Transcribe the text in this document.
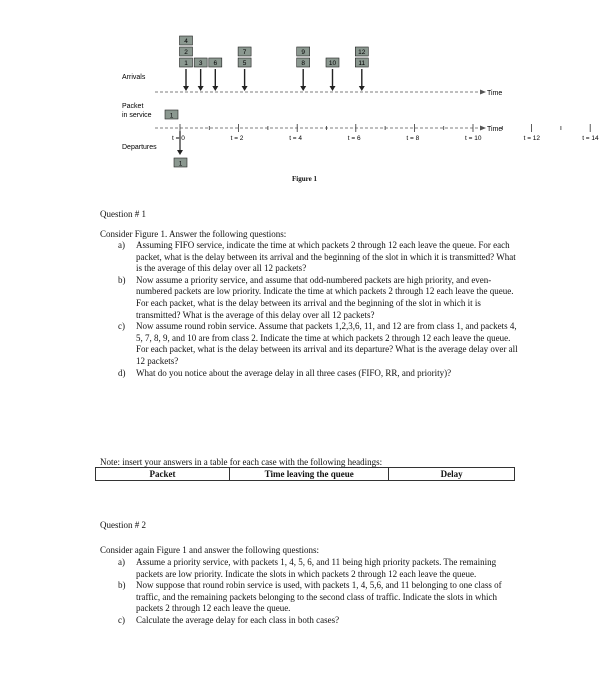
Arrivals
Packet
in service
Departures
Time
Time
1
1
t = 0	t = 2	t = 4	t = 6	t = 8	t = 10	t = 12	t = 14
1
2
4
3 6	5
7
8
9
10	11
12
Figure 1
Question # 1
Consider Figure 1. Answer the following questions:
a) Assuming FIFO service, indicate the time at which packets 2 through 12 each leave the queue. For each packet, what is the delay between its arrival and the beginning of the slot in which it is transmitted? What is the average of this delay over all 12 packets?
b) Now assume a priority service, and assume that odd-numbered packets are high priority, and even-numbered packets are low priority. Indicate the time at which packets 2 through 12 each leave the queue. For each packet, what is the delay between its arrival and the beginning of the slot in which it is transmitted? What is the average of this delay over all 12 packets?
c) Now assume round robin service. Assume that packets 1,2,3,6, 11, and 12 are from class 1, and packets 4, 5, 7, 8, 9, and 10 are from class 2. Indicate the time at which packets 2 through 12 each leave the queue. For each packet, what is the delay between its arrival and its departure? What is the average delay over all 12 packets?
d) What do you notice about the average delay in all three cases (FIFO, RR, and priority)?
Note: insert your answers in a table for each case with the following headings:
Packet	Time leaving the queue	Delay
Question # 2
Consider again Figure 1 and answer the following questions:
a) Assume a priority service, with packets 1, 4, 5, 6, and 11 being high priority packets. The remaining packets are low priority. Indicate the slots in which packets 2 through 12 each leave the queue.
b) Now suppose that round robin service is used, with packets 1, 4, 5,6, and 11 belonging to one class of traffic, and the remaining packets belonging to the second class of traffic. Indicate the slots in which packets 2 through 12 each leave the queue.
c) Calculate the average delay for each class in both cases?
